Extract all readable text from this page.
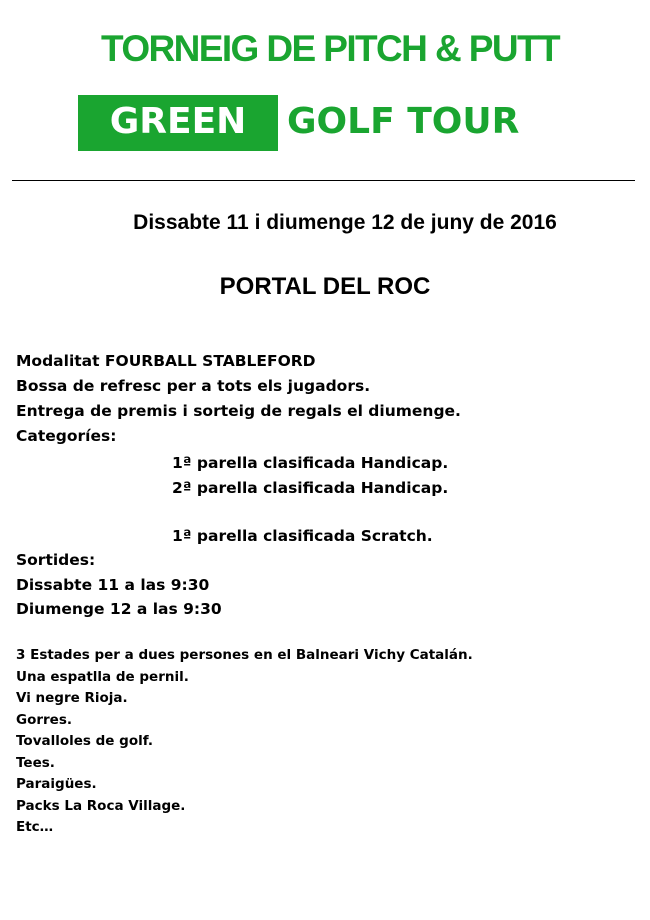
TORNEIG DE PITCH & PUTT
GREEN	GOLF TOUR
Dissabte 11 i diumenge 12 de juny de 2016
PORTAL DEL ROC
Modalitat FOURBALL STABLEFORD
Bossa de refresc per a tots els jugadors.
Entrega de premis i sorteig de regals el diumenge.
Categoríes:
1ª parella clasificada Handicap.
2ª parella clasificada Handicap.
1ª parella clasificada Scratch.
Sortides:
Dissabte 11 a las 9:30
Diumenge 12 a las 9:30
3 Estades per a dues persones en el Balneari Vichy Catalán.
Una espatlla de pernil.
Vi negre Rioja.
Gorres.
Tovalloles de golf.
Tees.
Paraigües.
Packs La Roca Village.
Etc…
